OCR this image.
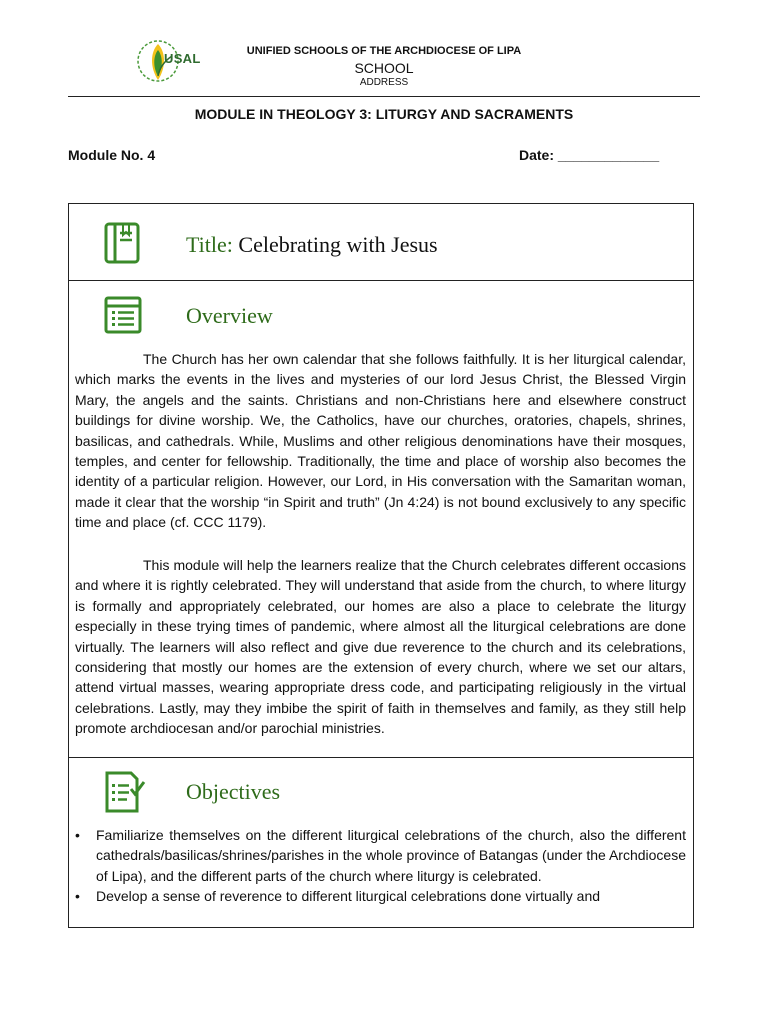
USAL	UNIFIED SCHOOLS OF THE ARCHDIOCESE OF LIPA
SCHOOL
ADDRESS
MODULE IN THEOLOGY 3: LITURGY AND SACRAMENTS
Module No. 4	Date: _____________
Title: Celebrating with Jesus
Overview

The Church has her own calendar that she follows faithfully. It is her liturgical calendar, which marks the events in the lives and mysteries of our lord Jesus Christ, the Blessed Virgin Mary, the angels and the saints. Christians and non-Christians here and elsewhere construct buildings for divine worship. We, the Catholics, have our churches, oratories, chapels, shrines, basilicas, and cathedrals. While, Muslims and other religious denominations have their mosques, temples, and center for fellowship. Traditionally, the time and place of worship also becomes the identity of a particular religion. However, our Lord, in His conversation with the Samaritan woman, made it clear that the worship “in Spirit and truth” (Jn 4:24) is not bound exclusively to any specific time and place (cf. CCC 1179).

This module will help the learners realize that the Church celebrates different occasions and where it is rightly celebrated. They will understand that aside from the church, to where liturgy is formally and appropriately celebrated, our homes are also a place to celebrate the liturgy especially in these trying times of pandemic, where almost all the liturgical celebrations are done virtually. The learners will also reflect and give due reverence to the church and its celebrations, considering that mostly our homes are the extension of every church, where we set our altars, attend virtual masses, wearing appropriate dress code, and participating religiously in the virtual celebrations. Lastly, may they imbibe the spirit of faith in themselves and family, as they still help promote archdiocesan and/or parochial ministries.

Objectives
• Familiarize themselves on the different liturgical celebrations of the church, also the different cathedrals/basilicas/shrines/parishes in the whole province of Batangas (under the Archdiocese of Lipa), and the different parts of the church where liturgy is celebrated.
• Develop a sense of reverence to different liturgical celebrations done virtually and
